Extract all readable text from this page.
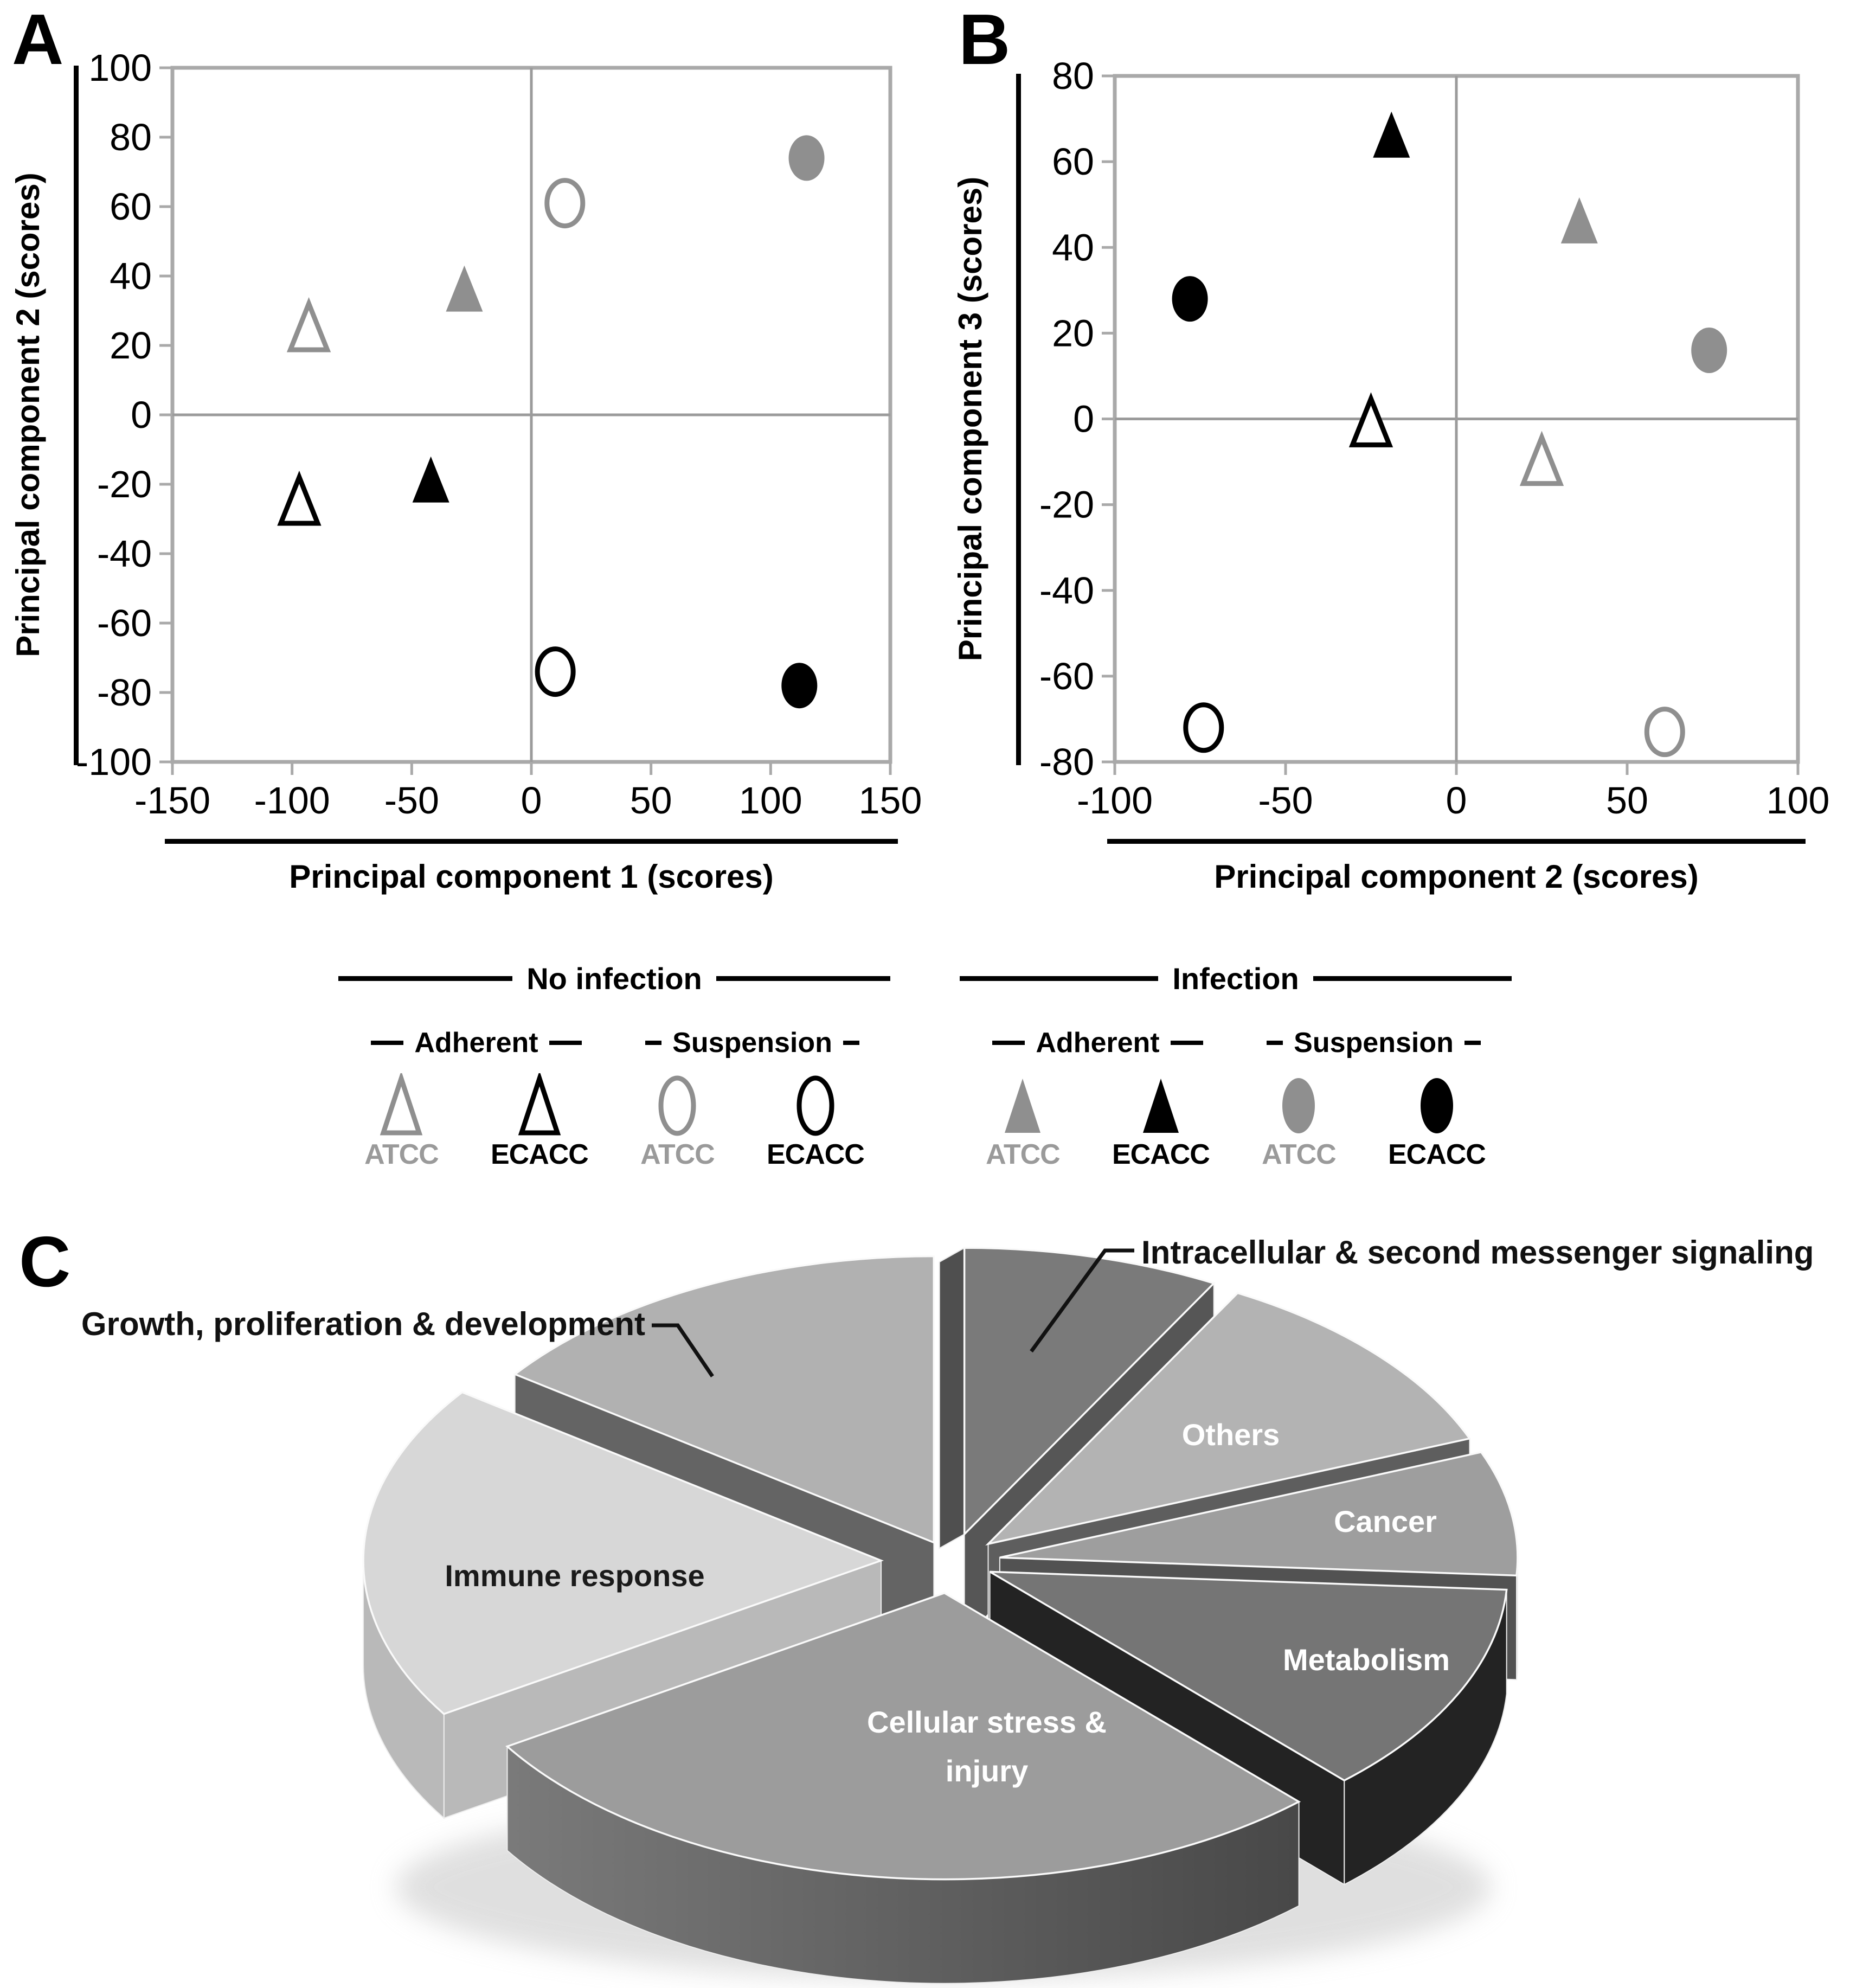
A
Principal component 2 (scores)
-150 -100 -50 0 50 100 150
100
80
60
40
20
0
-20
-40
-60
-80
-100
Principal component 1 (scores)
B
Principal component 3 (scores)
-100	-50	0	50	100
80
60
40
20
0
-20
-40
-60
-80
Principal component 2 (scores)
No infection
Adherent	Suspension
ATCC ECACC ATCC ECACC
Infection
Adherent	Suspension
ATCC ECACC ATCC ECACC
Others
Cancer
Immune response
Metabolism
Cellular stress &
injury
Intracellular & second messenger signaling
Growth, proliferation & development
C
